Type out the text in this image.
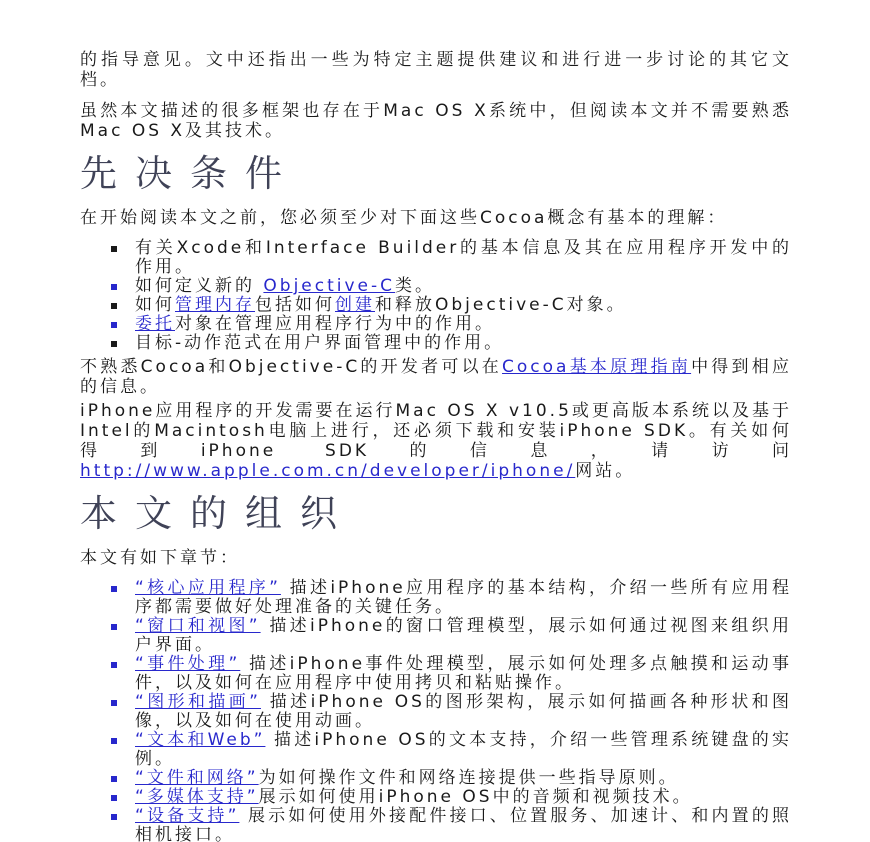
的指导意见。文中还指出一些为特定主题提供建议和进行进一步讨论的其它文档。

虽然本文描述的很多框架也存在于Mac OS X系统中，但阅读本文并不需要熟悉Mac OS X及其技术。

先决条件

在开始阅读本文之前，您必须至少对下面这些Cocoa概念有基本的理解：

有关Xcode和Interface Builder的基本信息及其在应用程序开发中的作用。
如何定义新的 Objective-C类。
如何管理内存包括如何创建和释放Objective-C对象。
委托对象在管理应用程序行为中的作用。
目标-动作范式在用户界面管理中的作用。

不熟悉Cocoa和Objective-C的开发者可以在Cocoa基本原理指南中得到相应的信息。

iPhone应用程序的开发需要在运行Mac OS X v10.5或更高版本系统以及基于Intel的Macintosh电脑上进行，还必须下载和安装iPhone SDK。有关如何得到iPhone SDK的信息，请访问http://www.apple.com.cn/developer/iphone/网站。

本文的组织

本文有如下章节：

“核心应用程序” 描述iPhone应用程序的基本结构，介绍一些所有应用程序都需要做好处理准备的关键任务。
“窗口和视图” 描述iPhone的窗口管理模型，展示如何通过视图来组织用户界面。
“事件处理” 描述iPhone事件处理模型，展示如何处理多点触摸和运动事件，以及如何在应用程序中使用拷贝和粘贴操作。
“图形和描画” 描述iPhone OS的图形架构，展示如何描画各种形状和图像，以及如何在使用动画。
“文本和Web” 描述iPhone OS的文本支持，介绍一些管理系统键盘的实例。
“文件和网络”为如何操作文件和网络连接提供一些指导原则。
“多媒体支持”展示如何使用iPhone OS中的音频和视频技术。
“设备支持” 展示如何使用外接配件接口、位置服务、加速计、和内置的照相机接口。
